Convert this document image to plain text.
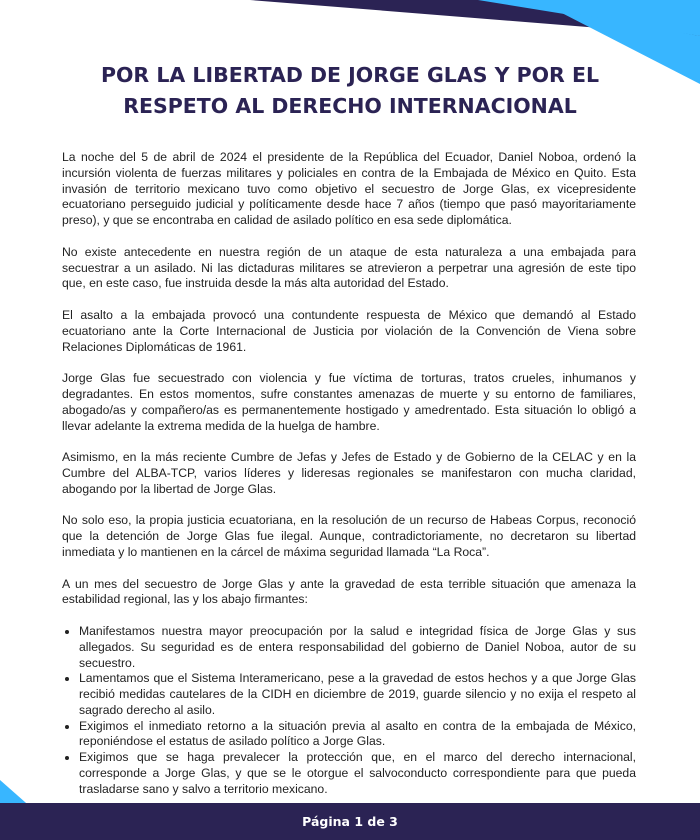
POR LA LIBERTAD DE JORGE GLAS Y POR EL
RESPETO AL DERECHO INTERNACIONAL

La noche del 5 de abril de 2024 el presidente de la República del Ecuador, Daniel Noboa, ordenó la incursión violenta de fuerzas militares y policiales en contra de la Embajada de México en Quito. Esta invasión de territorio mexicano tuvo como objetivo el secuestro de Jorge Glas, ex vicepresidente ecuatoriano perseguido judicial y políticamente desde hace 7 años (tiempo que pasó mayoritariamente preso), y que se encontraba en calidad de asilado político en esa sede diplomática.

No existe antecedente en nuestra región de un ataque de esta naturaleza a una embajada para secuestrar a un asilado. Ni las dictaduras militares se atrevieron a perpetrar una agresión de este tipo que, en este caso, fue instruida desde la más alta autoridad del Estado.

El asalto a la embajada provocó una contundente respuesta de México que demandó al Estado ecuatoriano ante la Corte Internacional de Justicia por violación de la Convención de Viena sobre Relaciones Diplomáticas de 1961.

Jorge Glas fue secuestrado con violencia y fue víctima de torturas, tratos crueles, inhumanos y degradantes. En estos momentos, sufre constantes amenazas de muerte y su entorno de familiares, abogado/as y compañero/as es permanentemente hostigado y amedrentado. Esta situación lo obligó a llevar adelante la extrema medida de la huelga de hambre.

Asimismo, en la más reciente Cumbre de Jefas y Jefes de Estado y de Gobierno de la CELAC y en la Cumbre del ALBA-TCP, varios líderes y lideresas regionales se manifestaron con mucha claridad, abogando por la libertad de Jorge Glas.

No solo eso, la propia justicia ecuatoriana, en la resolución de un recurso de Habeas Corpus, reconoció que la detención de Jorge Glas fue ilegal. Aunque, contradictoriamente, no decretaron su libertad inmediata y lo mantienen en la cárcel de máxima seguridad llamada “La Roca”.

A un mes del secuestro de Jorge Glas y ante la gravedad de esta terrible situación que amenaza la estabilidad regional, las y los abajo firmantes:

• Manifestamos nuestra mayor preocupación por la salud e integridad física de Jorge Glas y sus allegados. Su seguridad es de entera responsabilidad del gobierno de Daniel Noboa, autor de su secuestro.
• Lamentamos que el Sistema Interamericano, pese a la gravedad de estos hechos y a que Jorge Glas recibió medidas cautelares de la CIDH en diciembre de 2019, guarde silencio y no exija el respeto al sagrado derecho al asilo.
• Exigimos el inmediato retorno a la situación previa al asalto en contra de la embajada de México, reponiéndose el estatus de asilado político a Jorge Glas.
• Exigimos que se haga prevalecer la protección que, en el marco del derecho internacional, corresponde a Jorge Glas, y que se le otorgue el salvoconducto correspondiente para que pueda trasladarse sano y salvo a territorio mexicano.
Página 1 de 3
